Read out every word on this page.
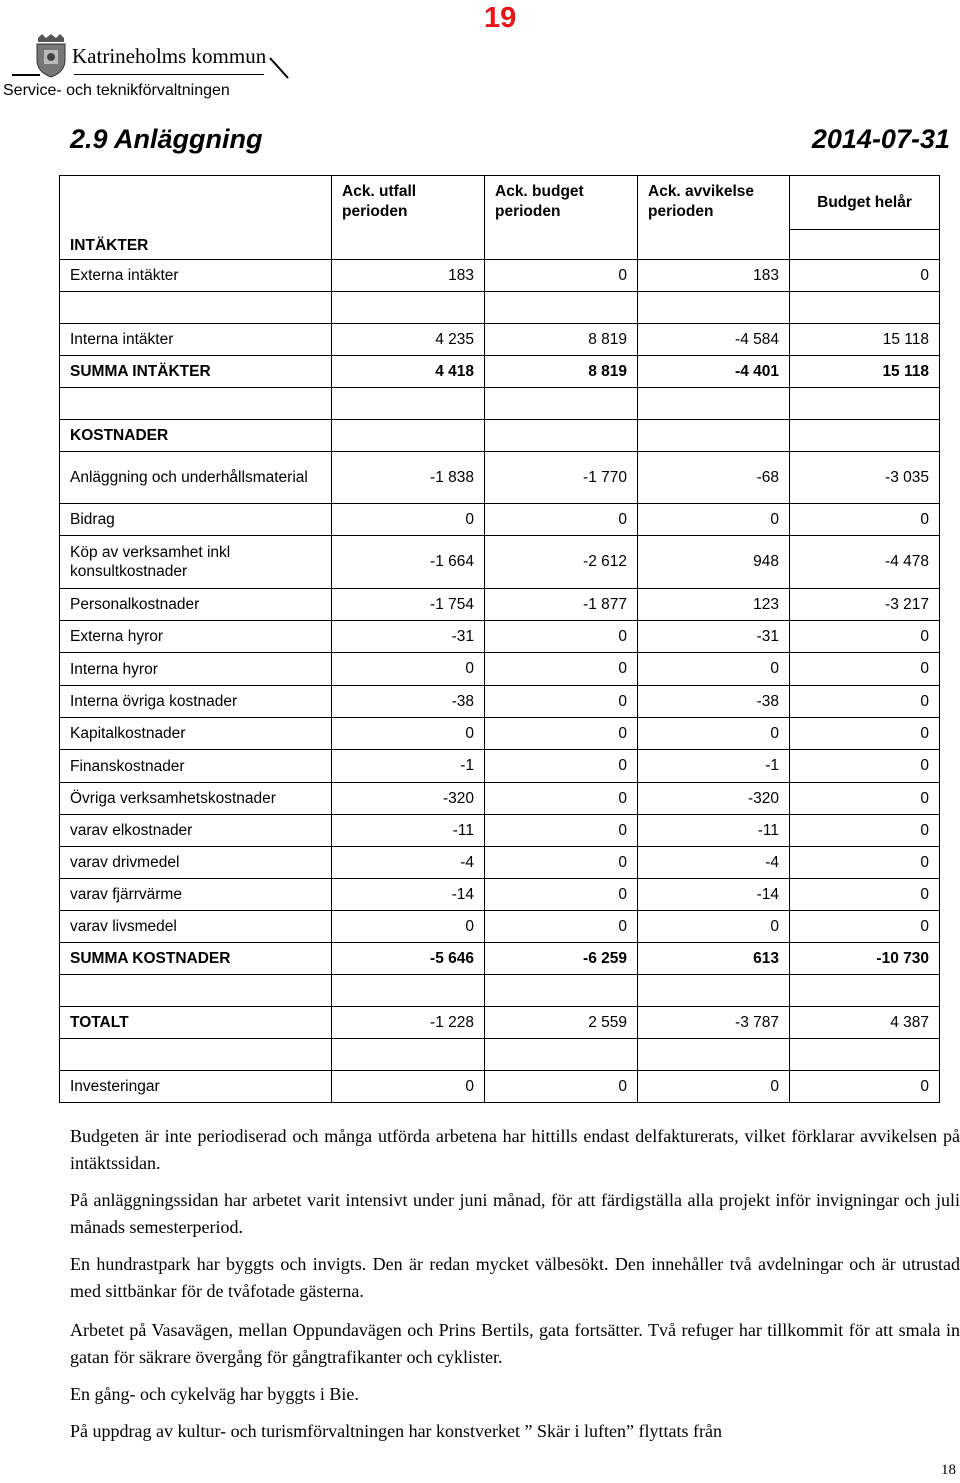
19
Katrineholms kommun
Service- och teknikförvaltningen
2.9 Anläggning	2014-07-31
	Ack. utfall perioden	Ack. budget perioden	Ack. avvikelse perioden	Budget helår
INTÄKTER				
Externa intäkter	183	0	183	0

Interna intäkter	4 235	8 819	-4 584	15 118
SUMMA INTÄKTER	4 418	8 819	-4 401	15 118

KOSTNADER				
Anläggning och underhållsmaterial	-1 838	-1 770	-68	-3 035
Bidrag	0	0	0	0
Köp av verksamhet inkl konsultkostnader	-1 664	-2 612	948	-4 478
Personalkostnader	-1 754	-1 877	123	-3 217
Externa hyror	-31	0	-31	0
Interna hyror	0	0	0	0
Interna övriga kostnader	-38	0	-38	0
Kapitalkostnader	0	0	0	0
Finanskostnader	-1	0	-1	0
Övriga verksamhetskostnader	-320	0	-320	0
varav elkostnader	-11	0	-11	0
varav drivmedel	-4	0	-4	0
varav fjärrvärme	-14	0	-14	0
varav livsmedel	0	0	0	0
SUMMA KOSTNADER	-5 646	-6 259	613	-10 730

TOTALT	-1 228	2 559	-3 787	4 387

Investeringar	0	0	0	0
Budgeten är inte periodiserad och många utförda arbetena har hittills endast delfakturerats, vilket förklarar avvikelsen på intäktssidan.
På anläggningssidan har arbetet varit intensivt under juni månad, för att färdigställa alla projekt inför invigningar och juli månads semesterperiod.
En hundrastpark har byggts och invigts. Den är redan mycket välbesökt. Den innehåller två avdelningar och är utrustad med sittbänkar för de tvåfotade gästerna.
Arbetet på Vasavägen, mellan Oppundavägen och Prins Bertils, gata fortsätter. Två refuger har tillkommit för att smala in gatan för säkrare övergång för gångtrafikanter och cyklister.
En gång- och cykelväg har byggts i Bie.
På uppdrag av kultur- och turismförvaltningen har konstverket ” Skär i luften” flyttats från
18
